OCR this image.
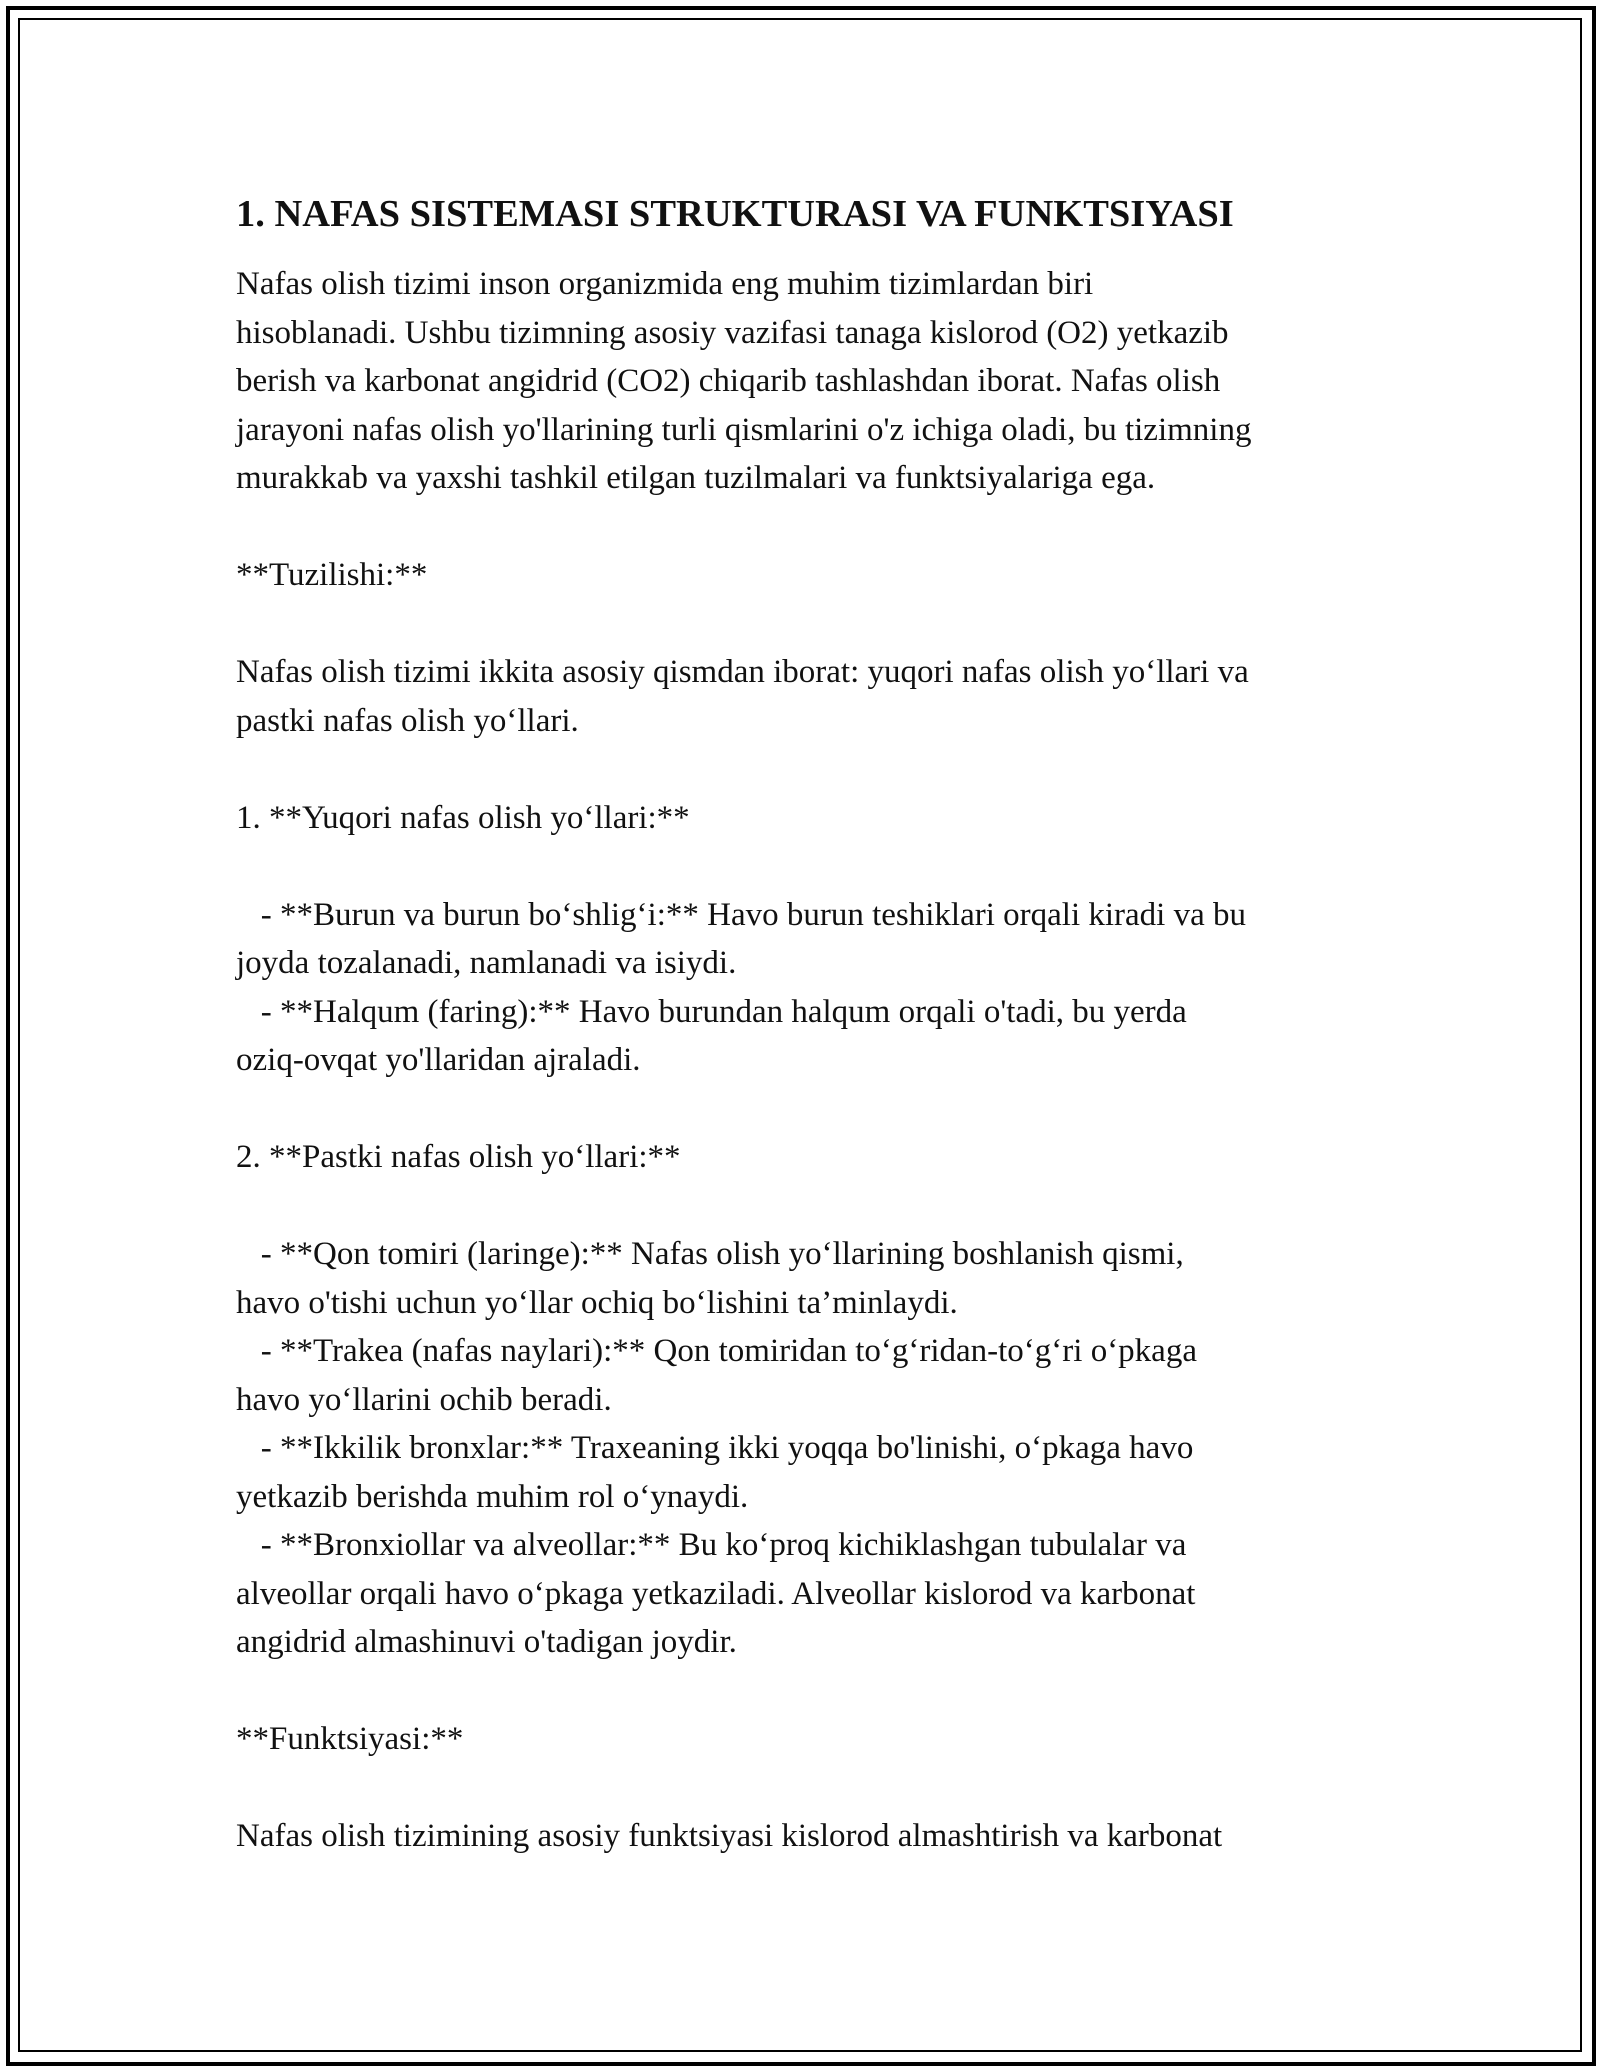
1. NAFAS SISTEMASI STRUKTURASI VA FUNKTSIYASI
Nafas olish tizimi inson organizmida eng muhim tizimlardan biri
hisoblanadi. Ushbu tizimning asosiy vazifasi tanaga kislorod (O2) yetkazib
berish va karbonat angidrid (CO2) chiqarib tashlashdan iborat. Nafas olish
jarayoni nafas olish yo'llarining turli qismlarini o'z ichiga oladi, bu tizimning
murakkab va yaxshi tashkil etilgan tuzilmalari va funktsiyalariga ega.
**Tuzilishi:**
Nafas olish tizimi ikkita asosiy qismdan iborat: yuqori nafas olish yo‘llari va
pastki nafas olish yo‘llari.
1. **Yuqori nafas olish yo‘llari:**
- **Burun va burun bo‘shlig‘i:** Havo burun teshiklari orqali kiradi va bu
joyda tozalanadi, namlanadi va isiydi.
- **Halqum (faring):** Havo burundan halqum orqali o'tadi, bu yerda
oziq-ovqat yo'llaridan ajraladi.
2. **Pastki nafas olish yo‘llari:**
- **Qon tomiri (laringe):** Nafas olish yo‘llarining boshlanish qismi,
havo o'tishi uchun yo‘llar ochiq bo‘lishini ta’minlaydi.
- **Trakea (nafas naylari):** Qon tomiridan to‘g‘ridan-to‘g‘ri o‘pkaga
havo yo‘llarini ochib beradi.
- **Ikkilik bronxlar:** Traxeaning ikki yoqqa bo'linishi, o‘pkaga havo
yetkazib berishda muhim rol o‘ynaydi.
- **Bronxiollar va alveollar:** Bu ko‘proq kichiklashgan tubulalar va
alveollar orqali havo o‘pkaga yetkaziladi. Alveollar kislorod va karbonat
angidrid almashinuvi o'tadigan joydir.
**Funktsiyasi:**
Nafas olish tizimining asosiy funktsiyasi kislorod almashtirish va karbonat
